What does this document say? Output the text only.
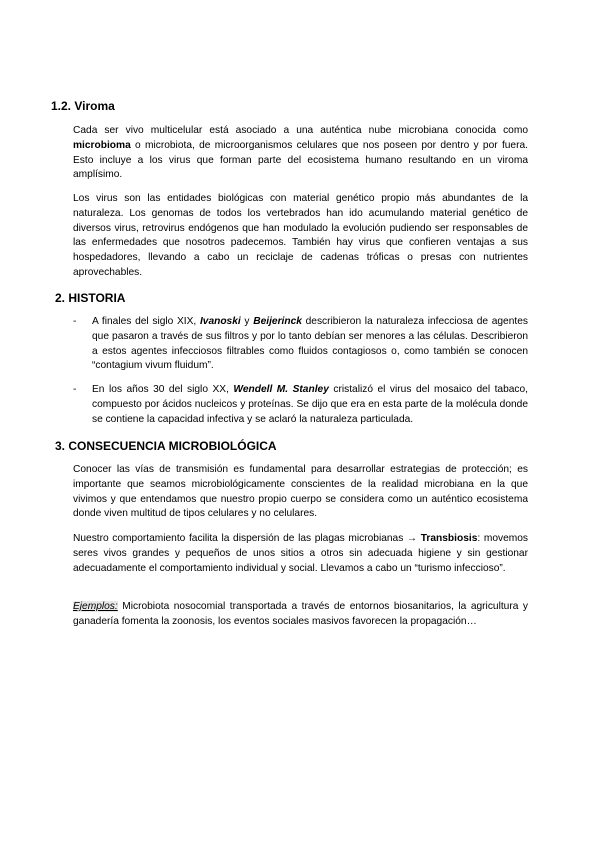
1.2. Viroma

Cada ser vivo multicelular está asociado a una auténtica nube microbiana conocida como microbioma o microbiota, de microorganismos celulares que nos poseen por dentro y por fuera. Esto incluye a los virus que forman parte del ecosistema humano resultando en un viroma amplísimo.

Los virus son las entidades biológicas con material genético propio más abundantes de la naturaleza. Los genomas de todos los vertebrados han ido acumulando material genético de diversos virus, retrovirus endógenos que han modulado la evolución pudiendo ser responsables de las enfermedades que nosotros padecemos. También hay virus que confieren ventajas a sus hospedadores, llevando a cabo un reciclaje de cadenas tróficas o presas con nutrientes aprovechables.

2. HISTORIA
- A finales del siglo XIX, Ivanoski y Beijerinck describieron la naturaleza infecciosa de agentes que pasaron a través de sus filtros y por lo tanto debían ser menores a las células. Describieron a estos agentes infecciosos filtrables como fluidos contagiosos o, como también se conocen “contagium vivum fluidum”.
- En los años 30 del siglo XX, Wendell M. Stanley cristalizó el virus del mosaico del tabaco, compuesto por ácidos nucleicos y proteínas. Se dijo que era en esta parte de la molécula donde se contiene la capacidad infectiva y se aclaró la naturaleza particulada.
3. CONSECUENCIA MICROBIOLÓGICA

Conocer las vías de transmisión es fundamental para desarrollar estrategias de protección; es importante que seamos microbiológicamente conscientes de la realidad microbiana en la que vivimos y que entendamos que nuestro propio cuerpo se considera como un auténtico ecosistema donde viven multitud de tipos celulares y no celulares.

Nuestro comportamiento facilita la dispersión de las plagas microbianas → Transbiosis: movemos seres vivos grandes y pequeños de unos sitios a otros sin adecuada higiene y sin gestionar adecuadamente el comportamiento individual y social. Llevamos a cabo un “turismo infeccioso”.

Ejemplos: Microbiota nosocomial transportada a través de entornos biosanitarios, la agricultura y ganadería fomenta la zoonosis, los eventos sociales masivos favorecen la propagación…
